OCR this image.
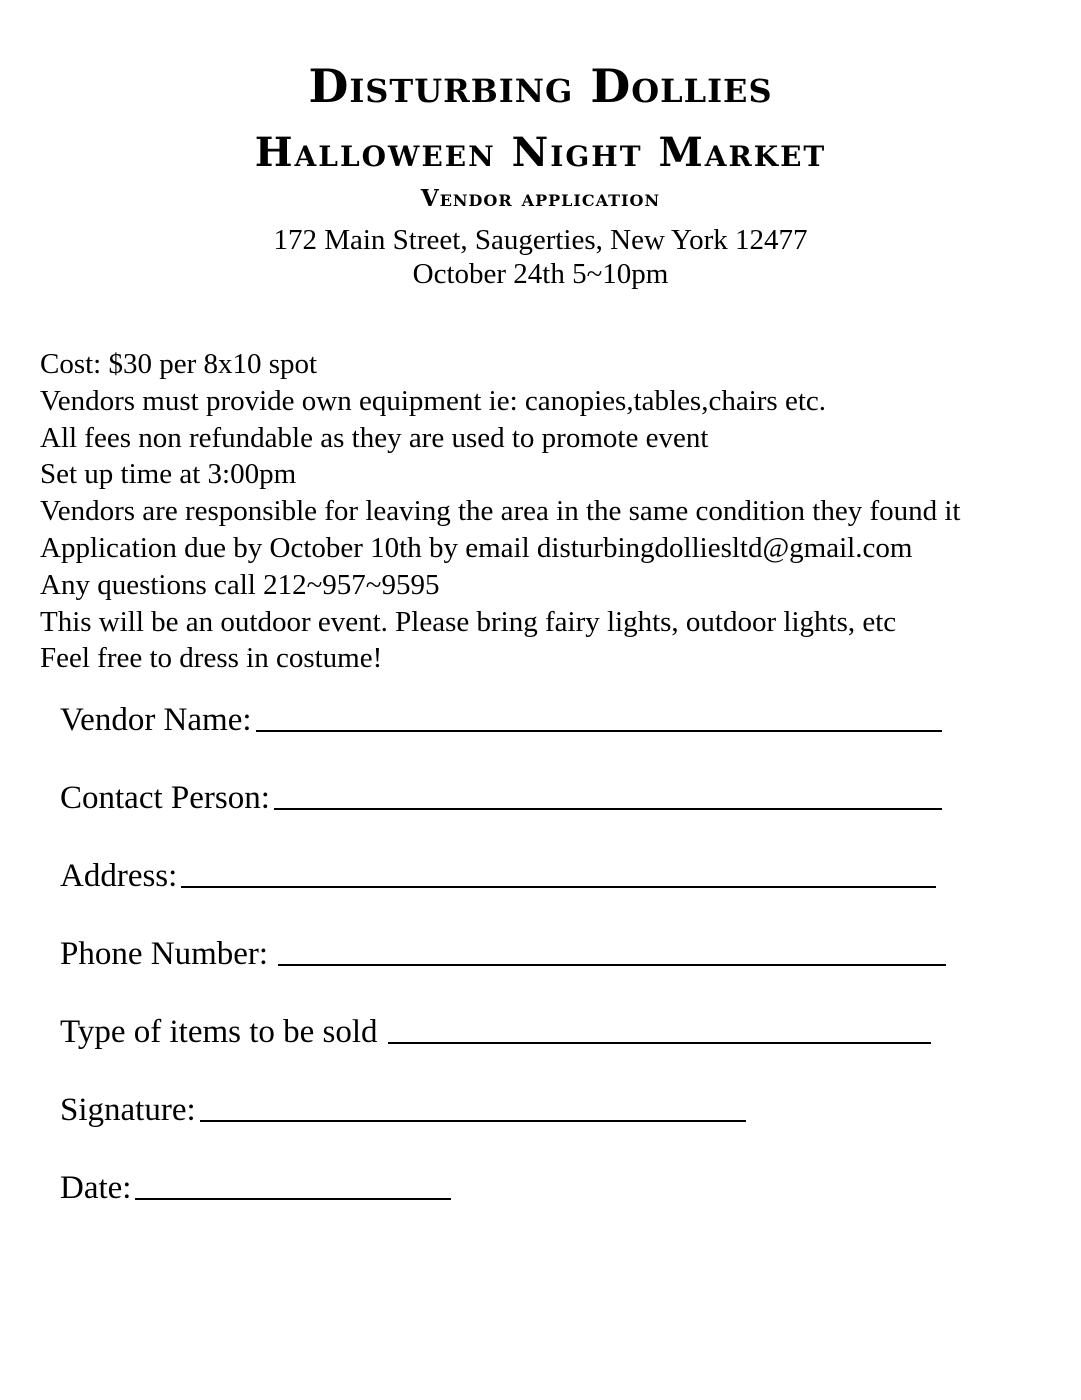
Disturbing Dollies
Halloween Night Market
Vendor application
172 Main Street, Saugerties, New York 12477
October 24th 5~10pm
Cost: $30 per 8x10 spot
Vendors must provide own equipment ie: canopies,tables,chairs etc.
All fees non refundable as they are used to promote event
Set up time at 3:00pm
Vendors are responsible for leaving the area in the same condition they found it
Application due by October 10th by email disturbingdolliesltd@gmail.com
Any questions call 212~957~9595
This will be an outdoor event. Please bring fairy lights, outdoor lights, etc
Feel free to dress in costume!
Vendor Name:
Contact Person:
Address:
Phone Number:
Type of items to be sold
Signature:
Date:
